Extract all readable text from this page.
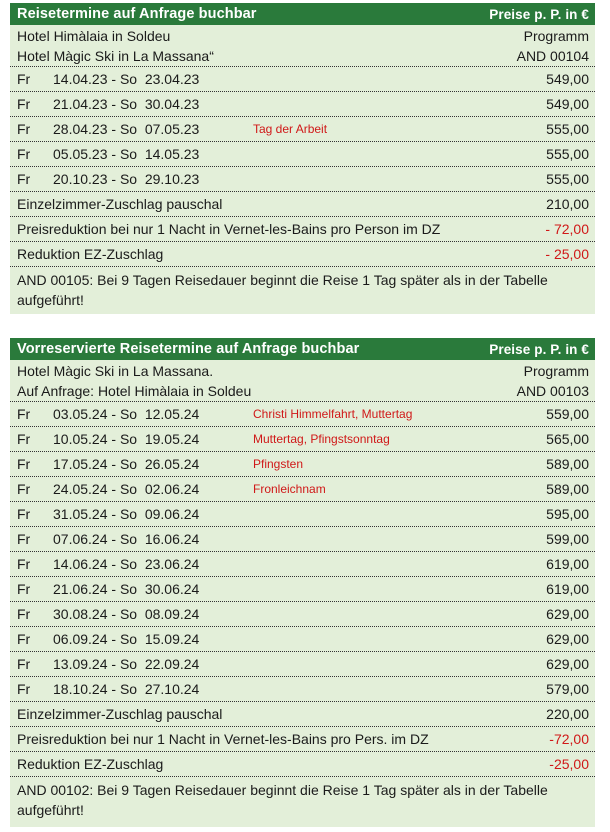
Reisetermine auf Anfrage buchbar	Preise p. P. in €
Hotel Himàlaia in Soldeu	Programm
Hotel Màgic Ski in La Massana“	AND 00104
Fr	14.04.23 - So  23.04.23	549,00
Fr	21.04.23 - So  30.04.23	549,00
Fr	28.04.23 - So  07.05.23	Tag der Arbeit	555,00
Fr	05.05.23 - So  14.05.23	555,00
Fr	20.10.23 - So  29.10.23	555,00
Einzelzimmer-Zuschlag pauschal	210,00
Preisreduktion bei nur 1 Nacht in Vernet-les-Bains pro Person im DZ	- 72,00
Reduktion EZ-Zuschlag	- 25,00
AND 00105: Bei 9 Tagen Reisedauer beginnt die Reise 1 Tag später als in der Tabelle aufgeführt!
Vorreservierte Reisetermine auf Anfrage buchbar	Preise p. P. in €
Hotel Màgic Ski in La Massana.	Programm
Auf Anfrage: Hotel Himàlaia in Soldeu	AND 00103
Fr	03.05.24 - So  12.05.24	Christi Himmelfahrt, Muttertag	559,00
Fr	10.05.24 - So  19.05.24	Muttertag, Pfingstsonntag	565,00
Fr	17.05.24 - So  26.05.24	Pfingsten	589,00
Fr	24.05.24 - So  02.06.24	Fronleichnam	589,00
Fr	31.05.24 - So  09.06.24	595,00
Fr	07.06.24 - So  16.06.24	599,00
Fr	14.06.24 - So  23.06.24	619,00
Fr	21.06.24 - So  30.06.24	619,00
Fr	30.08.24 - So  08.09.24	629,00
Fr	06.09.24 - So  15.09.24	629,00
Fr	13.09.24 - So  22.09.24	629,00
Fr	18.10.24 - So  27.10.24	579,00
Einzelzimmer-Zuschlag pauschal	220,00
Preisreduktion bei nur 1 Nacht in Vernet-les-Bains pro Pers. im DZ	-72,00
Reduktion EZ-Zuschlag	-25,00
AND 00102: Bei 9 Tagen Reisedauer beginnt die Reise 1 Tag später als in der Tabelle aufgeführt!
